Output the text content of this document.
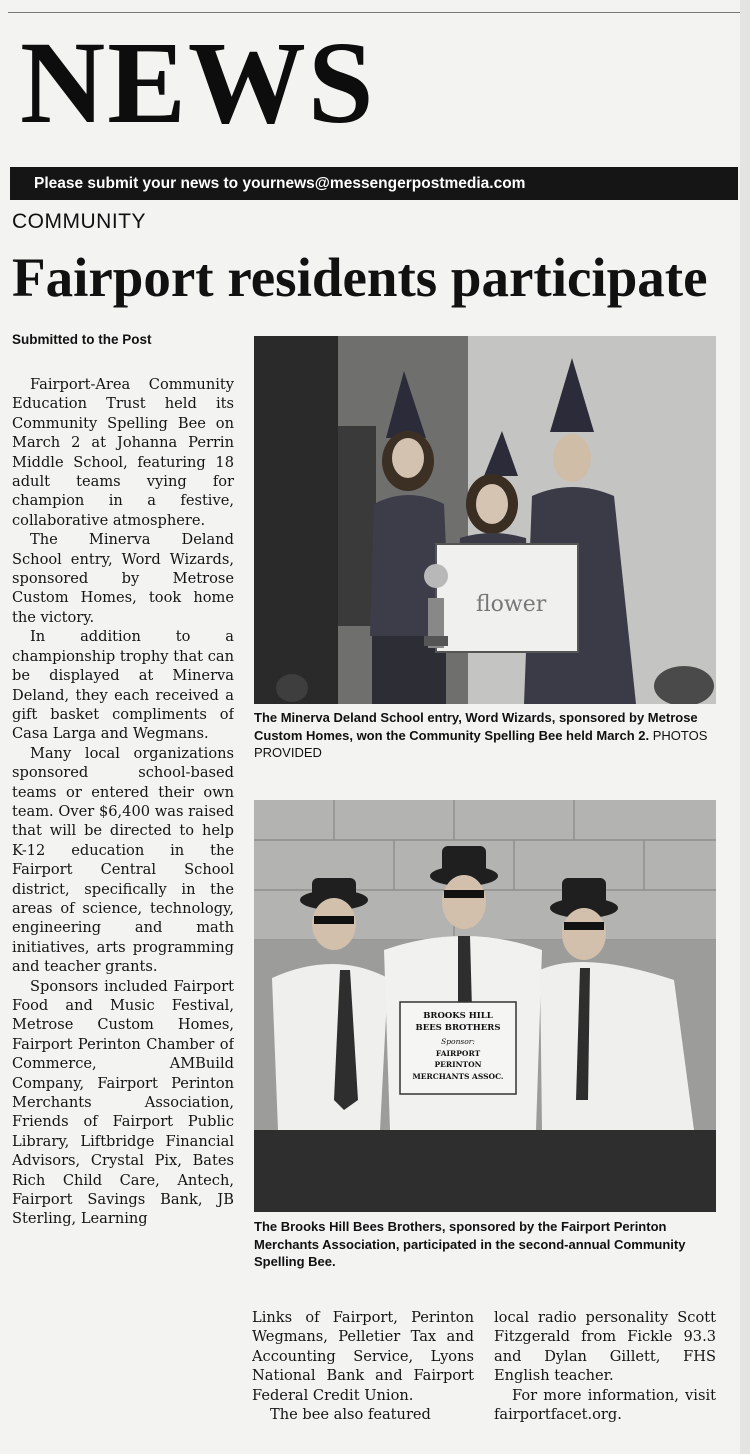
NEWS
Please submit your news to yournews@messengerpostmedia.com
COMMUNITY
Fairport residents participate
Submitted to the Post

Fairport-Area Community Education Trust held its Community Spelling Bee on March 2 at Johanna Perrin Middle School, featuring 18 adult teams vying for champion in a festive, collaborative atmosphere.

The Minerva Deland School entry, Word Wizards, sponsored by Metrose Custom Homes, took home the victory.

In addition to a championship trophy that can be displayed at Minerva Deland, they each received a gift basket compliments of Casa Larga and Wegmans.

Many local organizations sponsored school-based teams or entered their own team. Over $6,400 was raised that will be directed to help K-12 education in the Fairport Central School district, specifically in the areas of science, technology, engineering and math initiatives, arts programming and teacher grants.

Sponsors included Fairport Food and Music Festival, Metrose Custom Homes, Fairport Perinton Chamber of Commerce, AMBuild Company, Fairport Perinton Merchants Association, Friends of Fairport Public Library, Liftbridge Financial Advisors, Crystal Pix, Bates Rich Child Care, Antech, Fairport Savings Bank, JB Sterling, Learning

flower
The Minerva Deland School entry, Word Wizards, sponsored by Metrose Custom Homes, won the Community Spelling Bee held March 2. PHOTOS PROVIDED
BROOKS HILL
BEES BROTHERS
Sponsor:
FAIRPORT
PERINTON
MERCHANTS ASSOC.
The Brooks Hill Bees Brothers, sponsored by the Fairport Perinton Merchants Association, participated in the second-annual Community Spelling Bee.

Links of Fairport, Perinton Wegmans, Pelletier Tax and Accounting Service, Lyons National Bank and Fairport Federal Credit Union.

The bee also featured

local radio personality Scott Fitzgerald from Fickle 93.3 and Dylan Gillett, FHS English teacher.

For more information, visit fairportfacet.org.
